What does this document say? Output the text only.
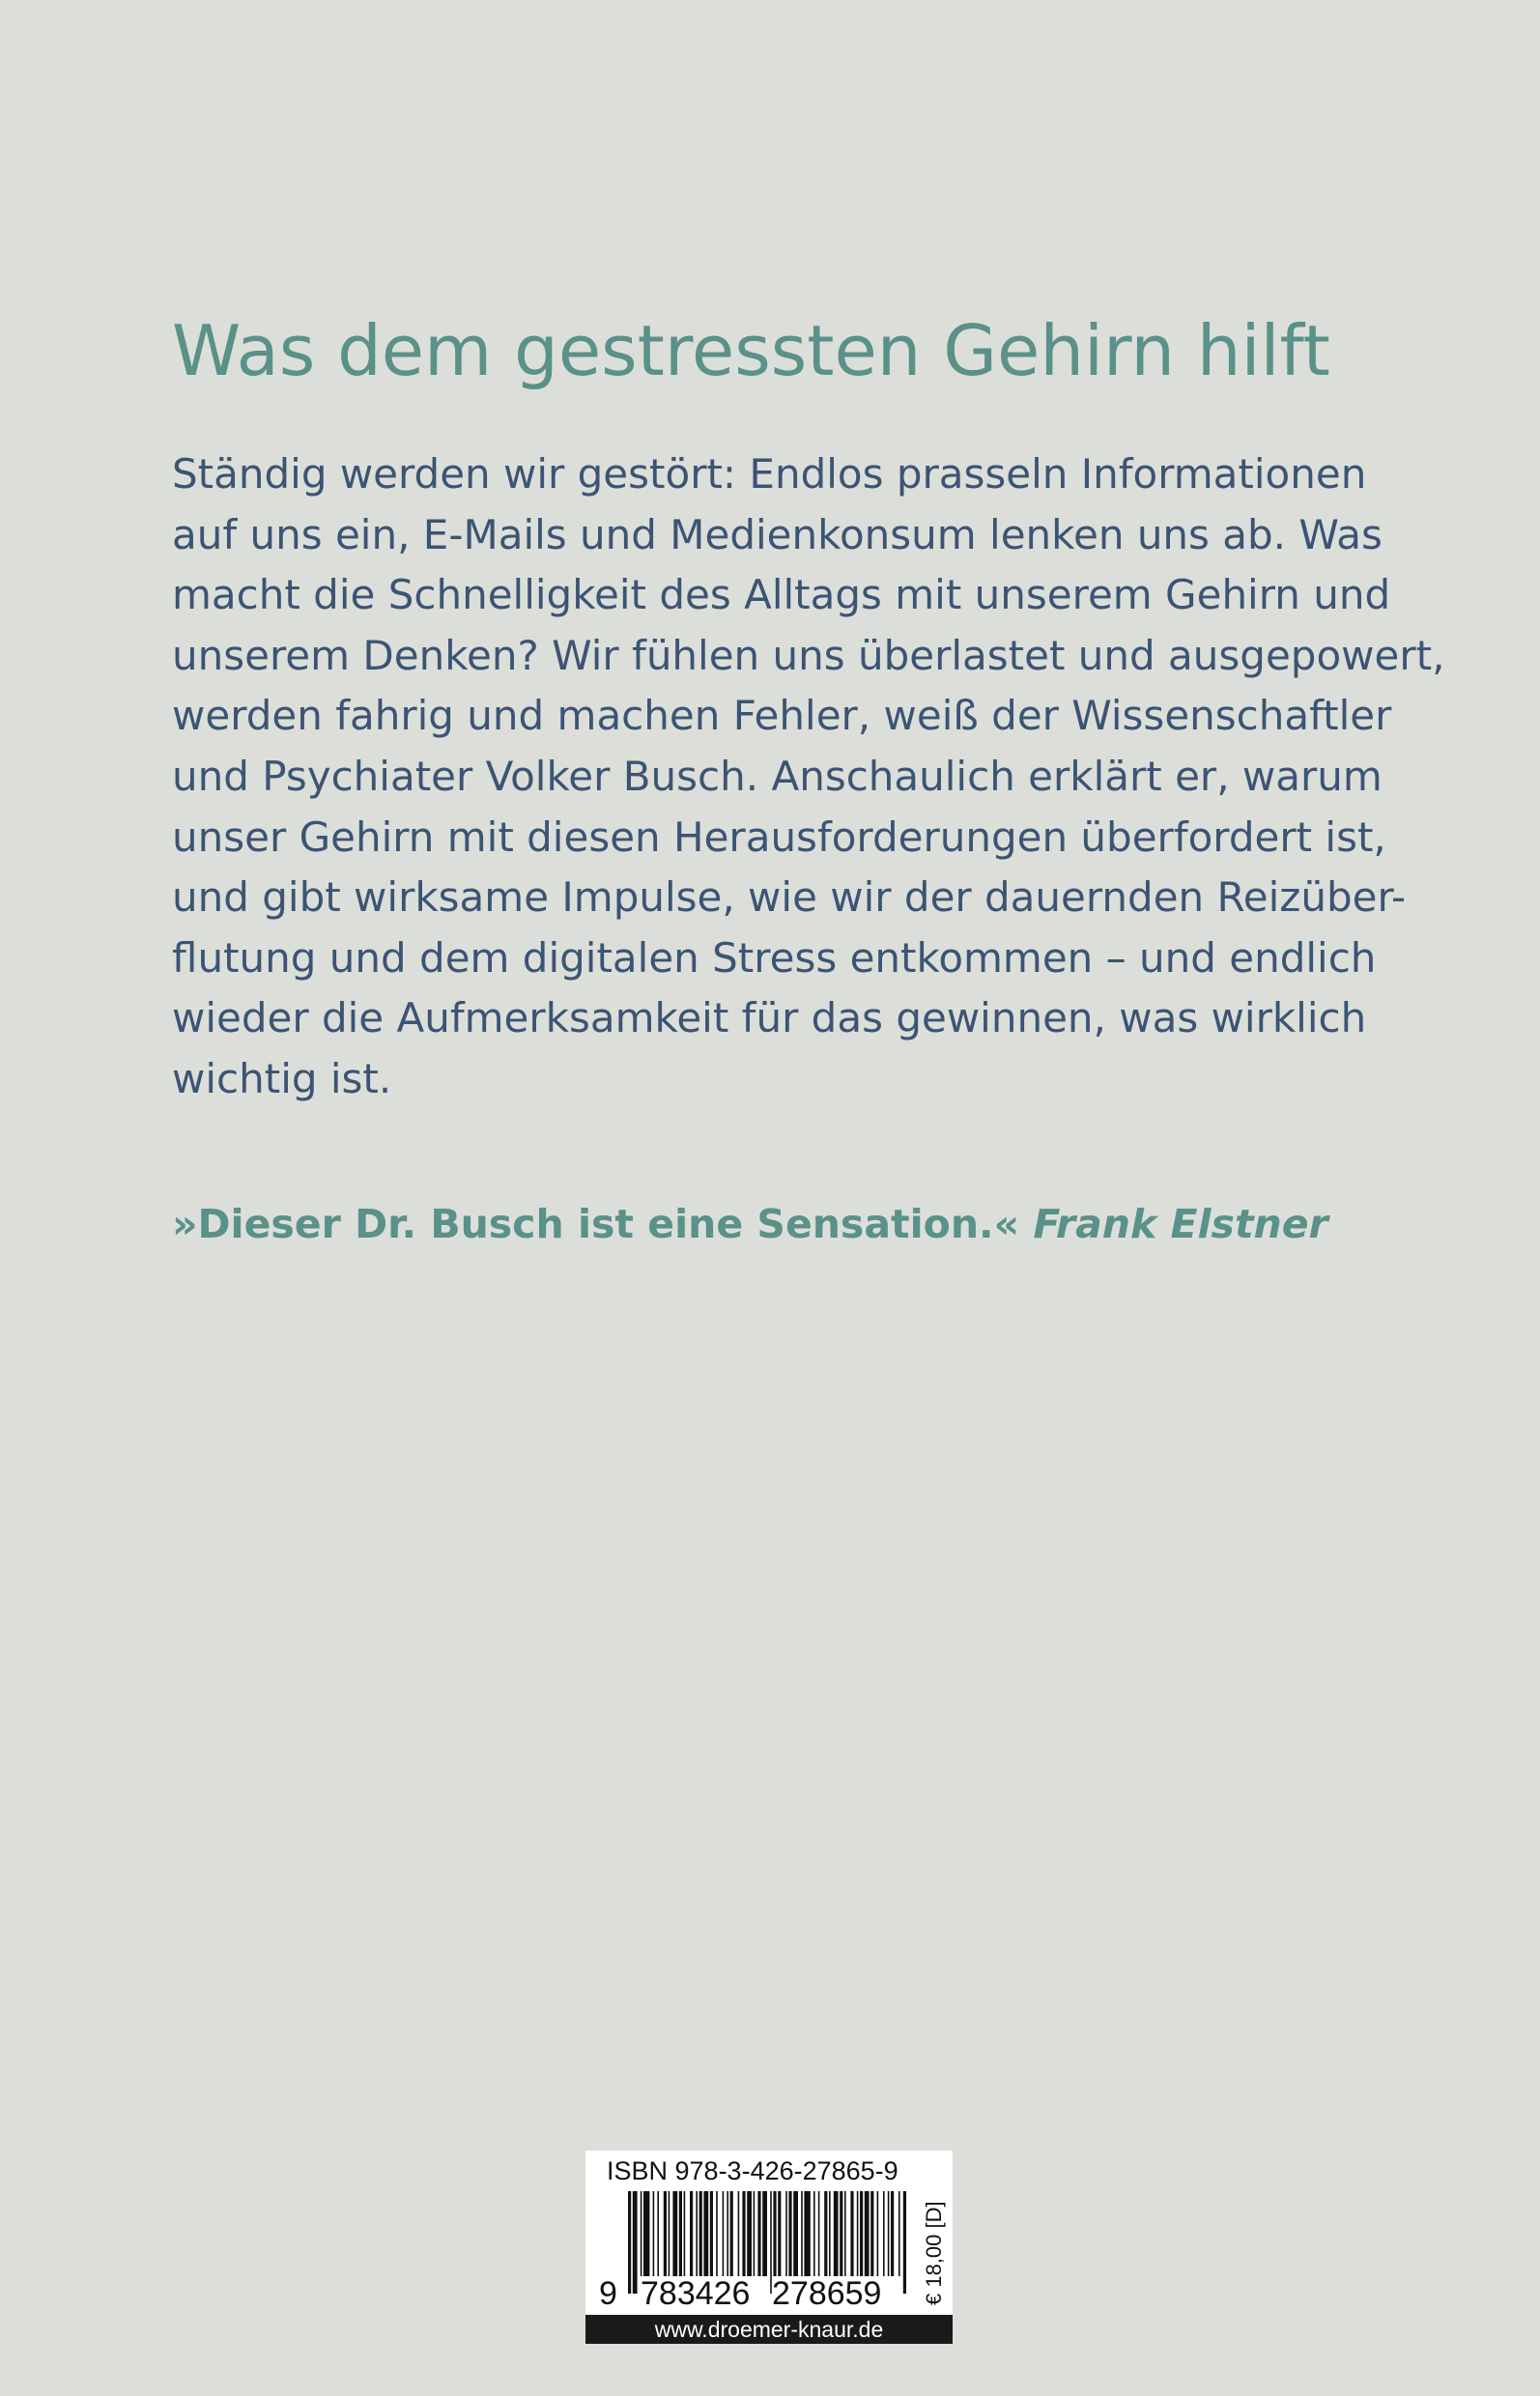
Was dem gestressten Gehirn hilft
Ständig werden wir gestört: Endlos prasseln Informationen
auf uns ein, E-Mails und Medienkonsum lenken uns ab. Was
macht die Schnelligkeit des Alltags mit unserem Gehirn und
unserem Denken? Wir fühlen uns überlastet und ausgepowert,
werden fahrig und machen Fehler, weiß der Wissenschaftler
und Psychiater Volker Busch. Anschaulich erklärt er, warum
unser Gehirn mit diesen Herausforderungen überfordert ist,
und gibt wirksame Impulse, wie wir der dauernden Reizüber-
flutung und dem digitalen Stress entkommen – und endlich
wieder die Aufmerksamkeit für das gewinnen, was wirklich
wichtig ist.

»Dieser Dr. Busch ist eine Sensation.« Frank Elstner

ISBN 978-3-426-27865-9
9 783426 278659 € 18,00 [D]
www.droemer-knaur.de
